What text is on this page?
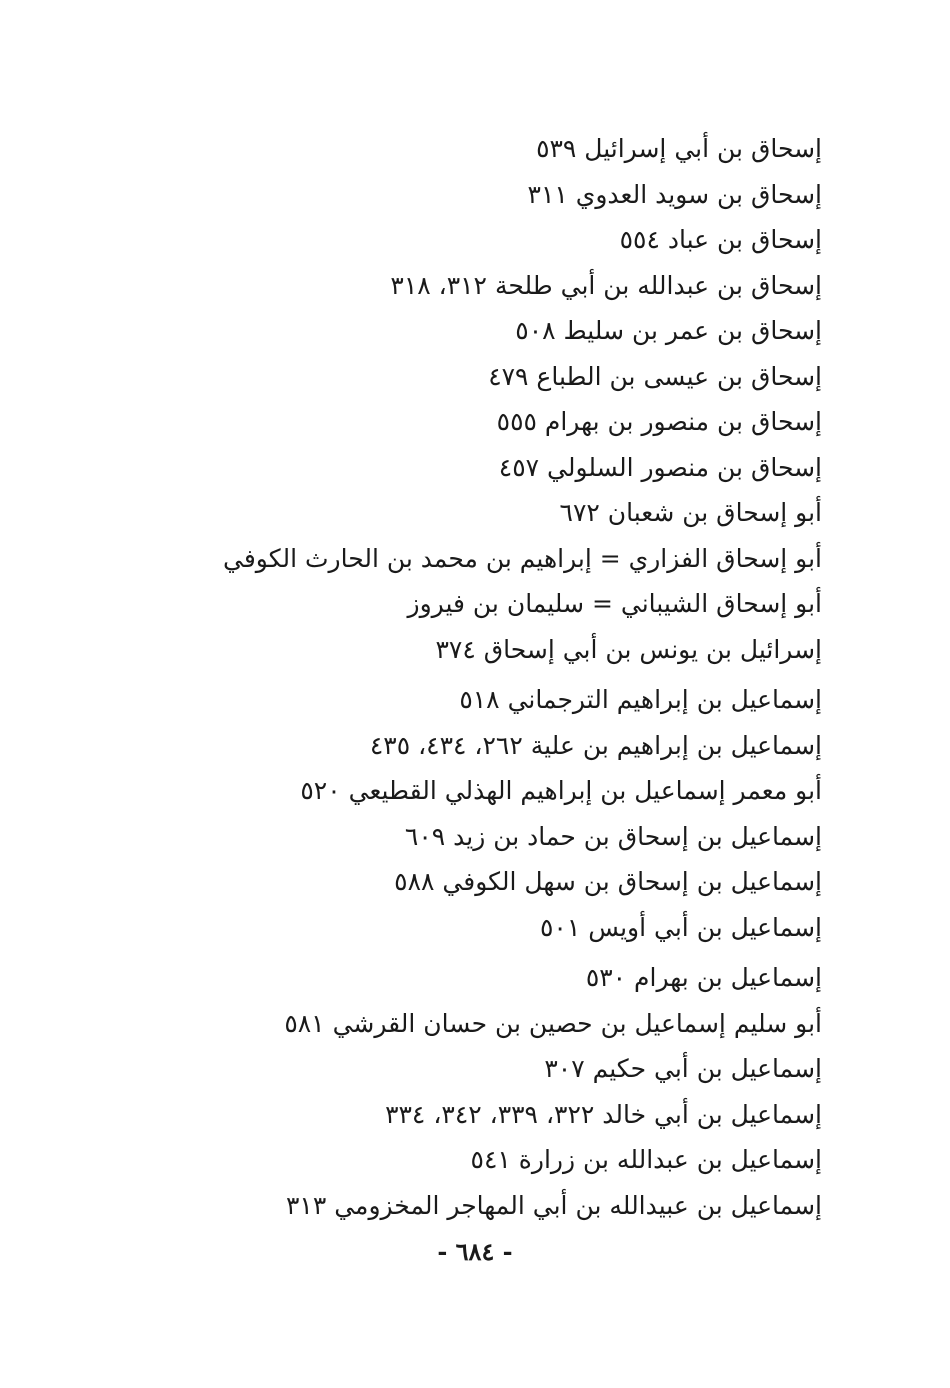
إسحاق بن أبي إسرائيل ٥٣٩
إسحاق بن سويد العدوي ٣١١
إسحاق بن عباد ٥٥٤
إسحاق بن عبدالله بن أبي طلحة ٣١٢، ٣١٨
إسحاق بن عمر بن سليط ٥٠٨
إسحاق بن عيسى بن الطباع ٤٧٩
إسحاق بن منصور بن بهرام ٥٥٥
إسحاق بن منصور السلولي ٤٥٧
أبو إسحاق بن شعبان ٦٧٢
أبو إسحاق الفزاري = إبراهيم بن محمد بن الحارث الكوفي
أبو إسحاق الشيباني = سليمان بن فيروز
إسرائيل بن يونس بن أبي إسحاق ٣٧٤
إسماعيل بن إبراهيم الترجماني ٥١٨
إسماعيل بن إبراهيم بن علية ٢٦٢، ٤٣٤، ٤٣٥
أبو معمر إسماعيل بن إبراهيم الهذلي القطيعي ٥٢٠
إسماعيل بن إسحاق بن حماد بن زيد ٦٠٩
إسماعيل بن إسحاق بن سهل الكوفي ٥٨٨
إسماعيل بن أبي أويس ٥٠١
إسماعيل بن بهرام ٥٣٠
أبو سليم إسماعيل بن حصين بن حسان القرشي ٥٨١
إسماعيل بن أبي حكيم ٣٠٧
إسماعيل بن أبي خالد ٣٢٢، ٣٣٩، ٣٤٢، ٣٣٤
إسماعيل بن عبدالله بن زرارة ٥٤١
إسماعيل بن عبيدالله بن أبي المهاجر المخزومي ٣١٣
- ٦٨٤ -
